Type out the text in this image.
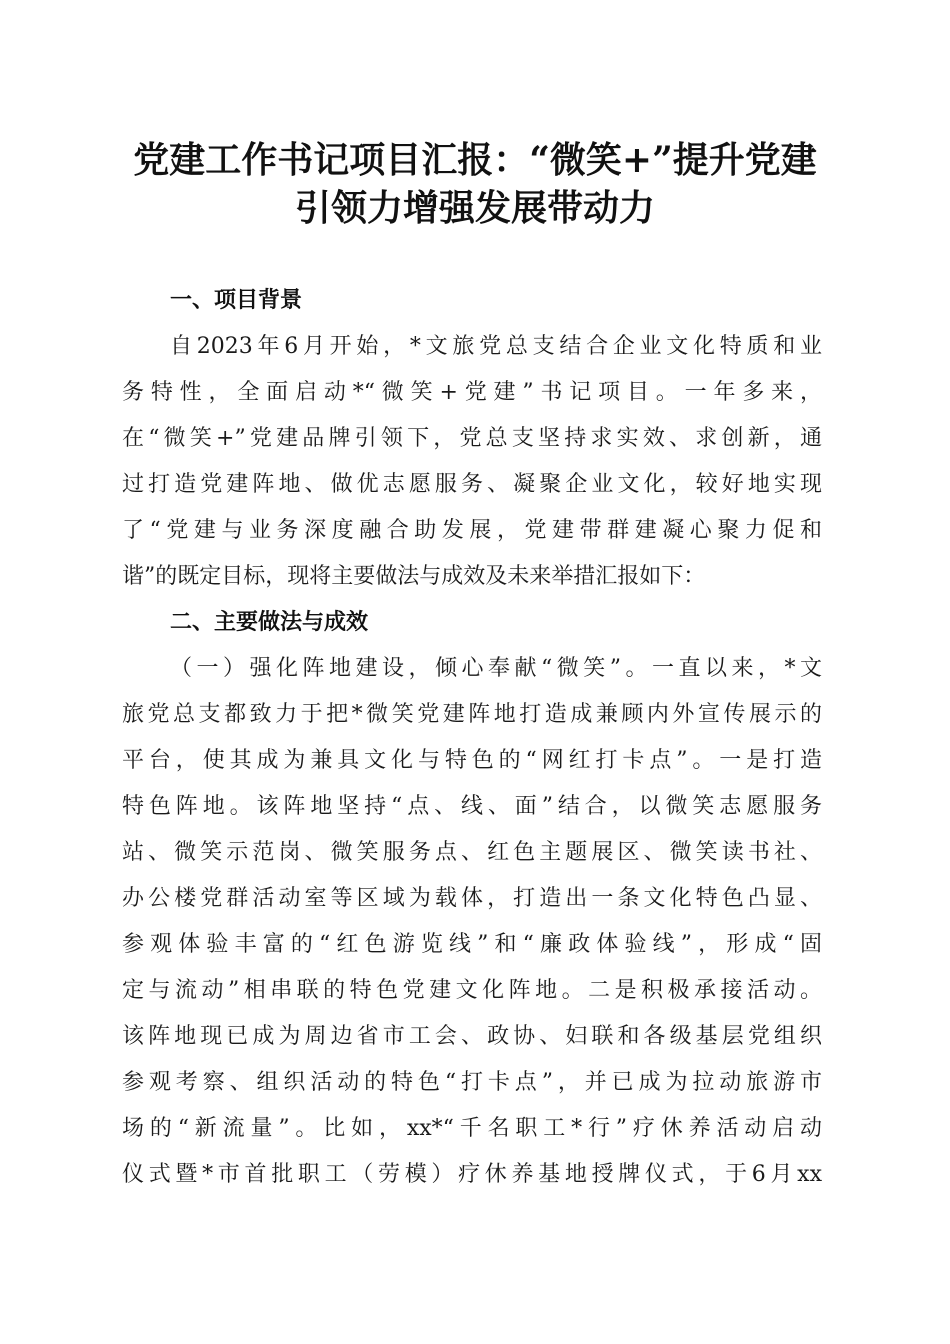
党建工作书记项目汇报：“微笑+”提升党建
引领力增强发展带动力
一、项目背景
自2023年6月开始，*文旅党总支结合企业文化特质和业
务特性，全面启动*“微笑+党建”书记项目。一年多来，
在“微笑+”党建品牌引领下，党总支坚持求实效、求创新，通
过打造党建阵地、做优志愿服务、凝聚企业文化，较好地实现
了“党建与业务深度融合助发展，党建带群建凝心聚力促和
谐”的既定目标，现将主要做法与成效及未来举措汇报如下：
二、主要做法与成效
（一）强化阵地建设，倾心奉献“微笑”。一直以来，*文
旅党总支都致力于把*微笑党建阵地打造成兼顾内外宣传展示的
平台，使其成为兼具文化与特色的“网红打卡点”。一是打造
特色阵地。该阵地坚持“点、线、面”结合，以微笑志愿服务
站、微笑示范岗、微笑服务点、红色主题展区、微笑读书社、
办公楼党群活动室等区域为载体，打造出一条文化特色凸显、
参观体验丰富的“红色游览线”和“廉政体验线”，形成“固
定与流动”相串联的特色党建文化阵地。二是积极承接活动。
该阵地现已成为周边省市工会、政协、妇联和各级基层党组织
参观考察、组织活动的特色“打卡点”，并已成为拉动旅游市
场的“新流量”。比如，xx*“千名职工*行”疗休养活动启动
仪式暨*市首批职工（劳模）疗休养基地授牌仪式，于6月xx
